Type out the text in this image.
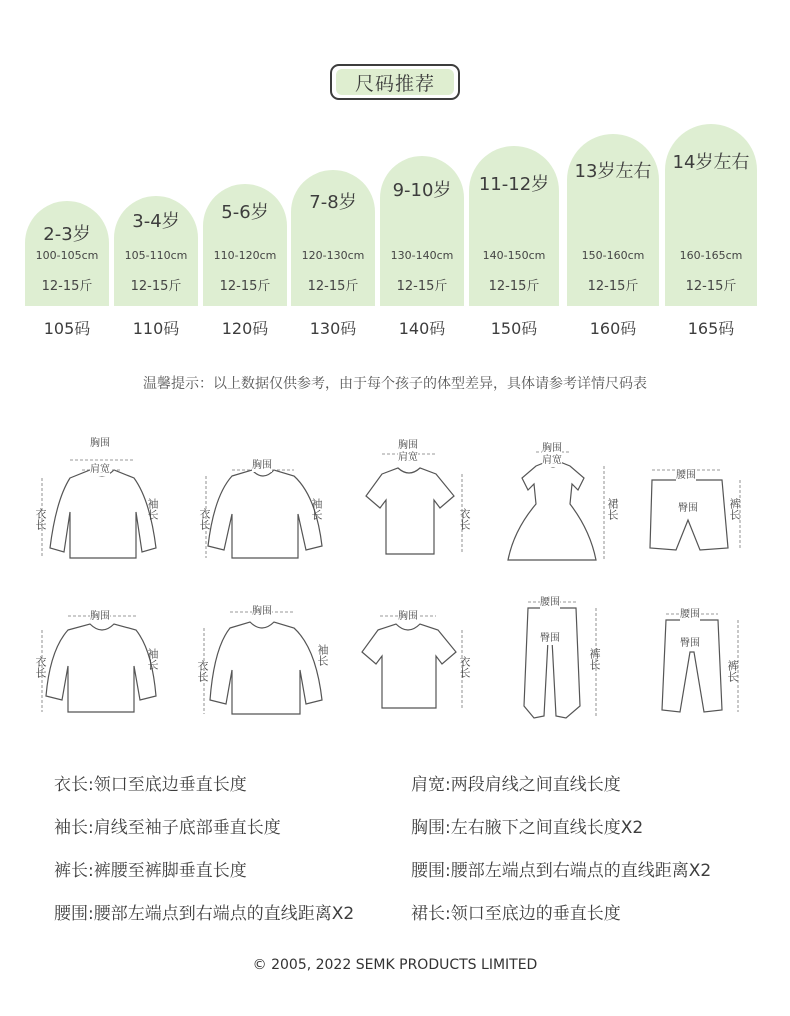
尺码推荐
2-3岁
100-105cm
12-15斤
105码
3-4岁
105-110cm
12-15斤
110码
5-6岁
110-120cm
12-15斤
120码
7-8岁
120-130cm
12-15斤
130码
9-10岁
130-140cm
12-15斤
140码
11-12岁
140-150cm
12-15斤
150码
13岁左右
150-160cm
12-15斤
160码
14岁左右
160-165cm
12-15斤
165码
温馨提示：以上数据仅供参考，由于每个孩子的体型差异，具体请参考详情尺码表
胸围
肩宽
衣长	袖长
胸围
衣长	袖长
胸围
肩宽
衣长
胸围
肩宽
裙长
腰围
臀围	裤长
胸围
衣长	袖长
胸围
衣长
袖长
胸围
衣长
腰围
臀围
裤长
腰围
臀围
裤长
衣长:领口至底边垂直长度
袖长:肩线至袖子底部垂直长度
裤长:裤腰至裤脚垂直长度
腰围:腰部左端点到右端点的直线距离X2
肩宽:两段肩线之间直线长度
胸围:左右腋下之间直线长度X2
腰围:腰部左端点到右端点的直线距离X2
裙长:领口至底边的垂直长度
© 2005, 2022 SEMK PRODUCTS LIMITED
